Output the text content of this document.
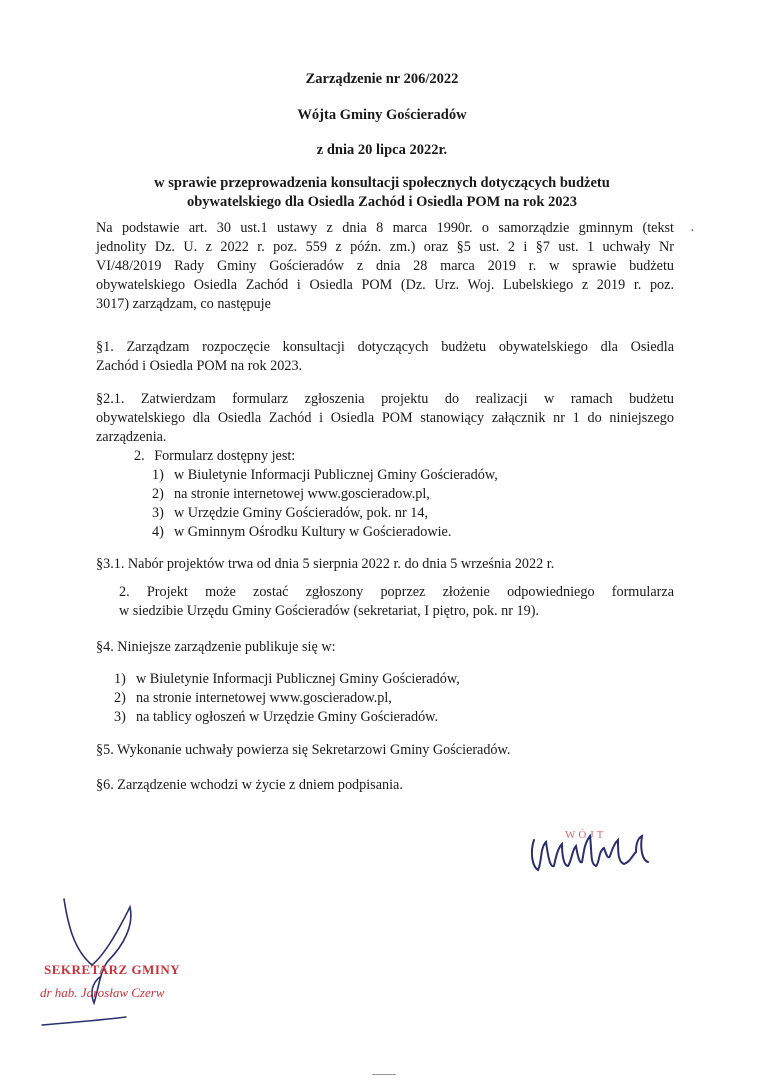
Zarządzenie nr 206/2022
Wójta Gminy Gościeradów
z dnia 20 lipca 2022r.
w sprawie przeprowadzenia konsultacji społecznych dotyczących budżetu
obywatelskiego dla Osiedla Zachód i Osiedla POM na rok 2023
Na podstawie art. 30 ust.1 ustawy z dnia 8 marca 1990r. o samorządzie gminnym (tekst
jednolity Dz. U. z 2022 r. poz. 559 z późn. zm.) oraz §5 ust. 2 i §7 ust. 1 uchwały Nr
VI/48/2019 Rady Gminy Gościeradów z dnia 28 marca 2019 r. w sprawie budżetu
obywatelskiego Osiedla Zachód i Osiedla POM (Dz. Urz. Woj. Lubelskiego z 2019 r. poz.
3017) zarządzam, co następuje
·
§1. Zarządzam rozpoczęcie konsultacji dotyczących budżetu obywatelskiego dla Osiedla
Zachód i Osiedla POM na rok 2023.
§2.1. Zatwierdzam formularz zgłoszenia projektu do realizacji w ramach budżetu
obywatelskiego dla Osiedla Zachód i Osiedla POM stanowiący załącznik nr 1 do niniejszego
zarządzenia.
2. Formularz dostępny jest:
1) w Biuletynie Informacji Publicznej Gminy Gościeradów,
2) na stronie internetowej www.goscieradow.pl,
3) w Urzędzie Gminy Gościeradów, pok. nr 14,
4) w Gminnym Ośrodku Kultury w Gościeradowie.
§3.1. Nabór projektów trwa od dnia 5 sierpnia 2022 r. do dnia 5 września 2022 r.
2. Projekt może zostać zgłoszony poprzez złożenie odpowiedniego formularza
w siedzibie Urzędu Gminy Gościeradów (sekretariat, I piętro, pok. nr 19).
§4. Niniejsze zarządzenie publikuje się w:
1) w Biuletynie Informacji Publicznej Gminy Gościeradów,
2) na stronie internetowej www.goscieradow.pl,
3) na tablicy ogłoszeń w Urzędzie Gminy Gościeradów.
§5. Wykonanie uchwały powierza się Sekretarzowi Gminy Gościeradów.
§6. Zarządzenie wchodzi w życie z dniem podpisania.
WÓJT
SEKRETARZ GMINY
dr hab. Jarosław Czerw
